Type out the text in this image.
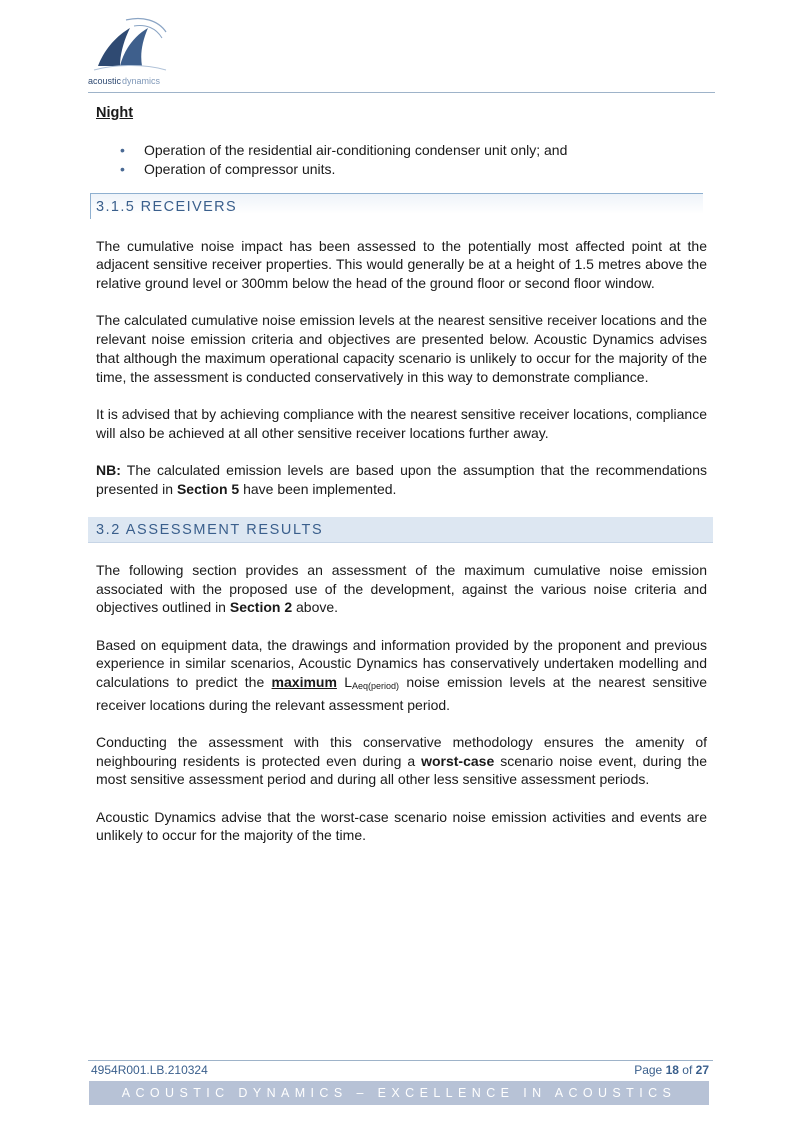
acoustic dynamics
Night
• Operation of the residential air-conditioning condenser unit only; and
• Operation of compressor units.
3.1.5 RECEIVERS

The cumulative noise impact has been assessed to the potentially most affected point at the adjacent sensitive receiver properties. This would generally be at a height of 1.5 metres above the relative ground level or 300mm below the head of the ground floor or second floor window.

The calculated cumulative noise emission levels at the nearest sensitive receiver locations and the relevant noise emission criteria and objectives are presented below. Acoustic Dynamics advises that although the maximum operational capacity scenario is unlikely to occur for the majority of the time, the assessment is conducted conservatively in this way to demonstrate compliance.

It is advised that by achieving compliance with the nearest sensitive receiver locations, compliance will also be achieved at all other sensitive receiver locations further away.

NB: The calculated emission levels are based upon the assumption that the recommendations presented in Section 5 have been implemented.

3.2 ASSESSMENT RESULTS

The following section provides an assessment of the maximum cumulative noise emission associated with the proposed use of the development, against the various noise criteria and objectives outlined in Section 2 above.

Based on equipment data, the drawings and information provided by the proponent and previous experience in similar scenarios, Acoustic Dynamics has conservatively undertaken modelling and calculations to predict the maximum $L_{Aeq(period)}$ noise emission levels at the nearest sensitive receiver locations during the relevant assessment period.

Conducting the assessment with this conservative methodology ensures the amenity of neighbouring residents is protected even during a worst-case scenario noise event, during the most sensitive assessment period and during all other less sensitive assessment periods.

Acoustic Dynamics advise that the worst-case scenario noise emission activities and events are unlikely to occur for the majority of the time.

4954R001.LB.210324	Page 18 of 27
ACOUSTIC DYNAMICS – EXCELLENCE IN ACOUSTICS
